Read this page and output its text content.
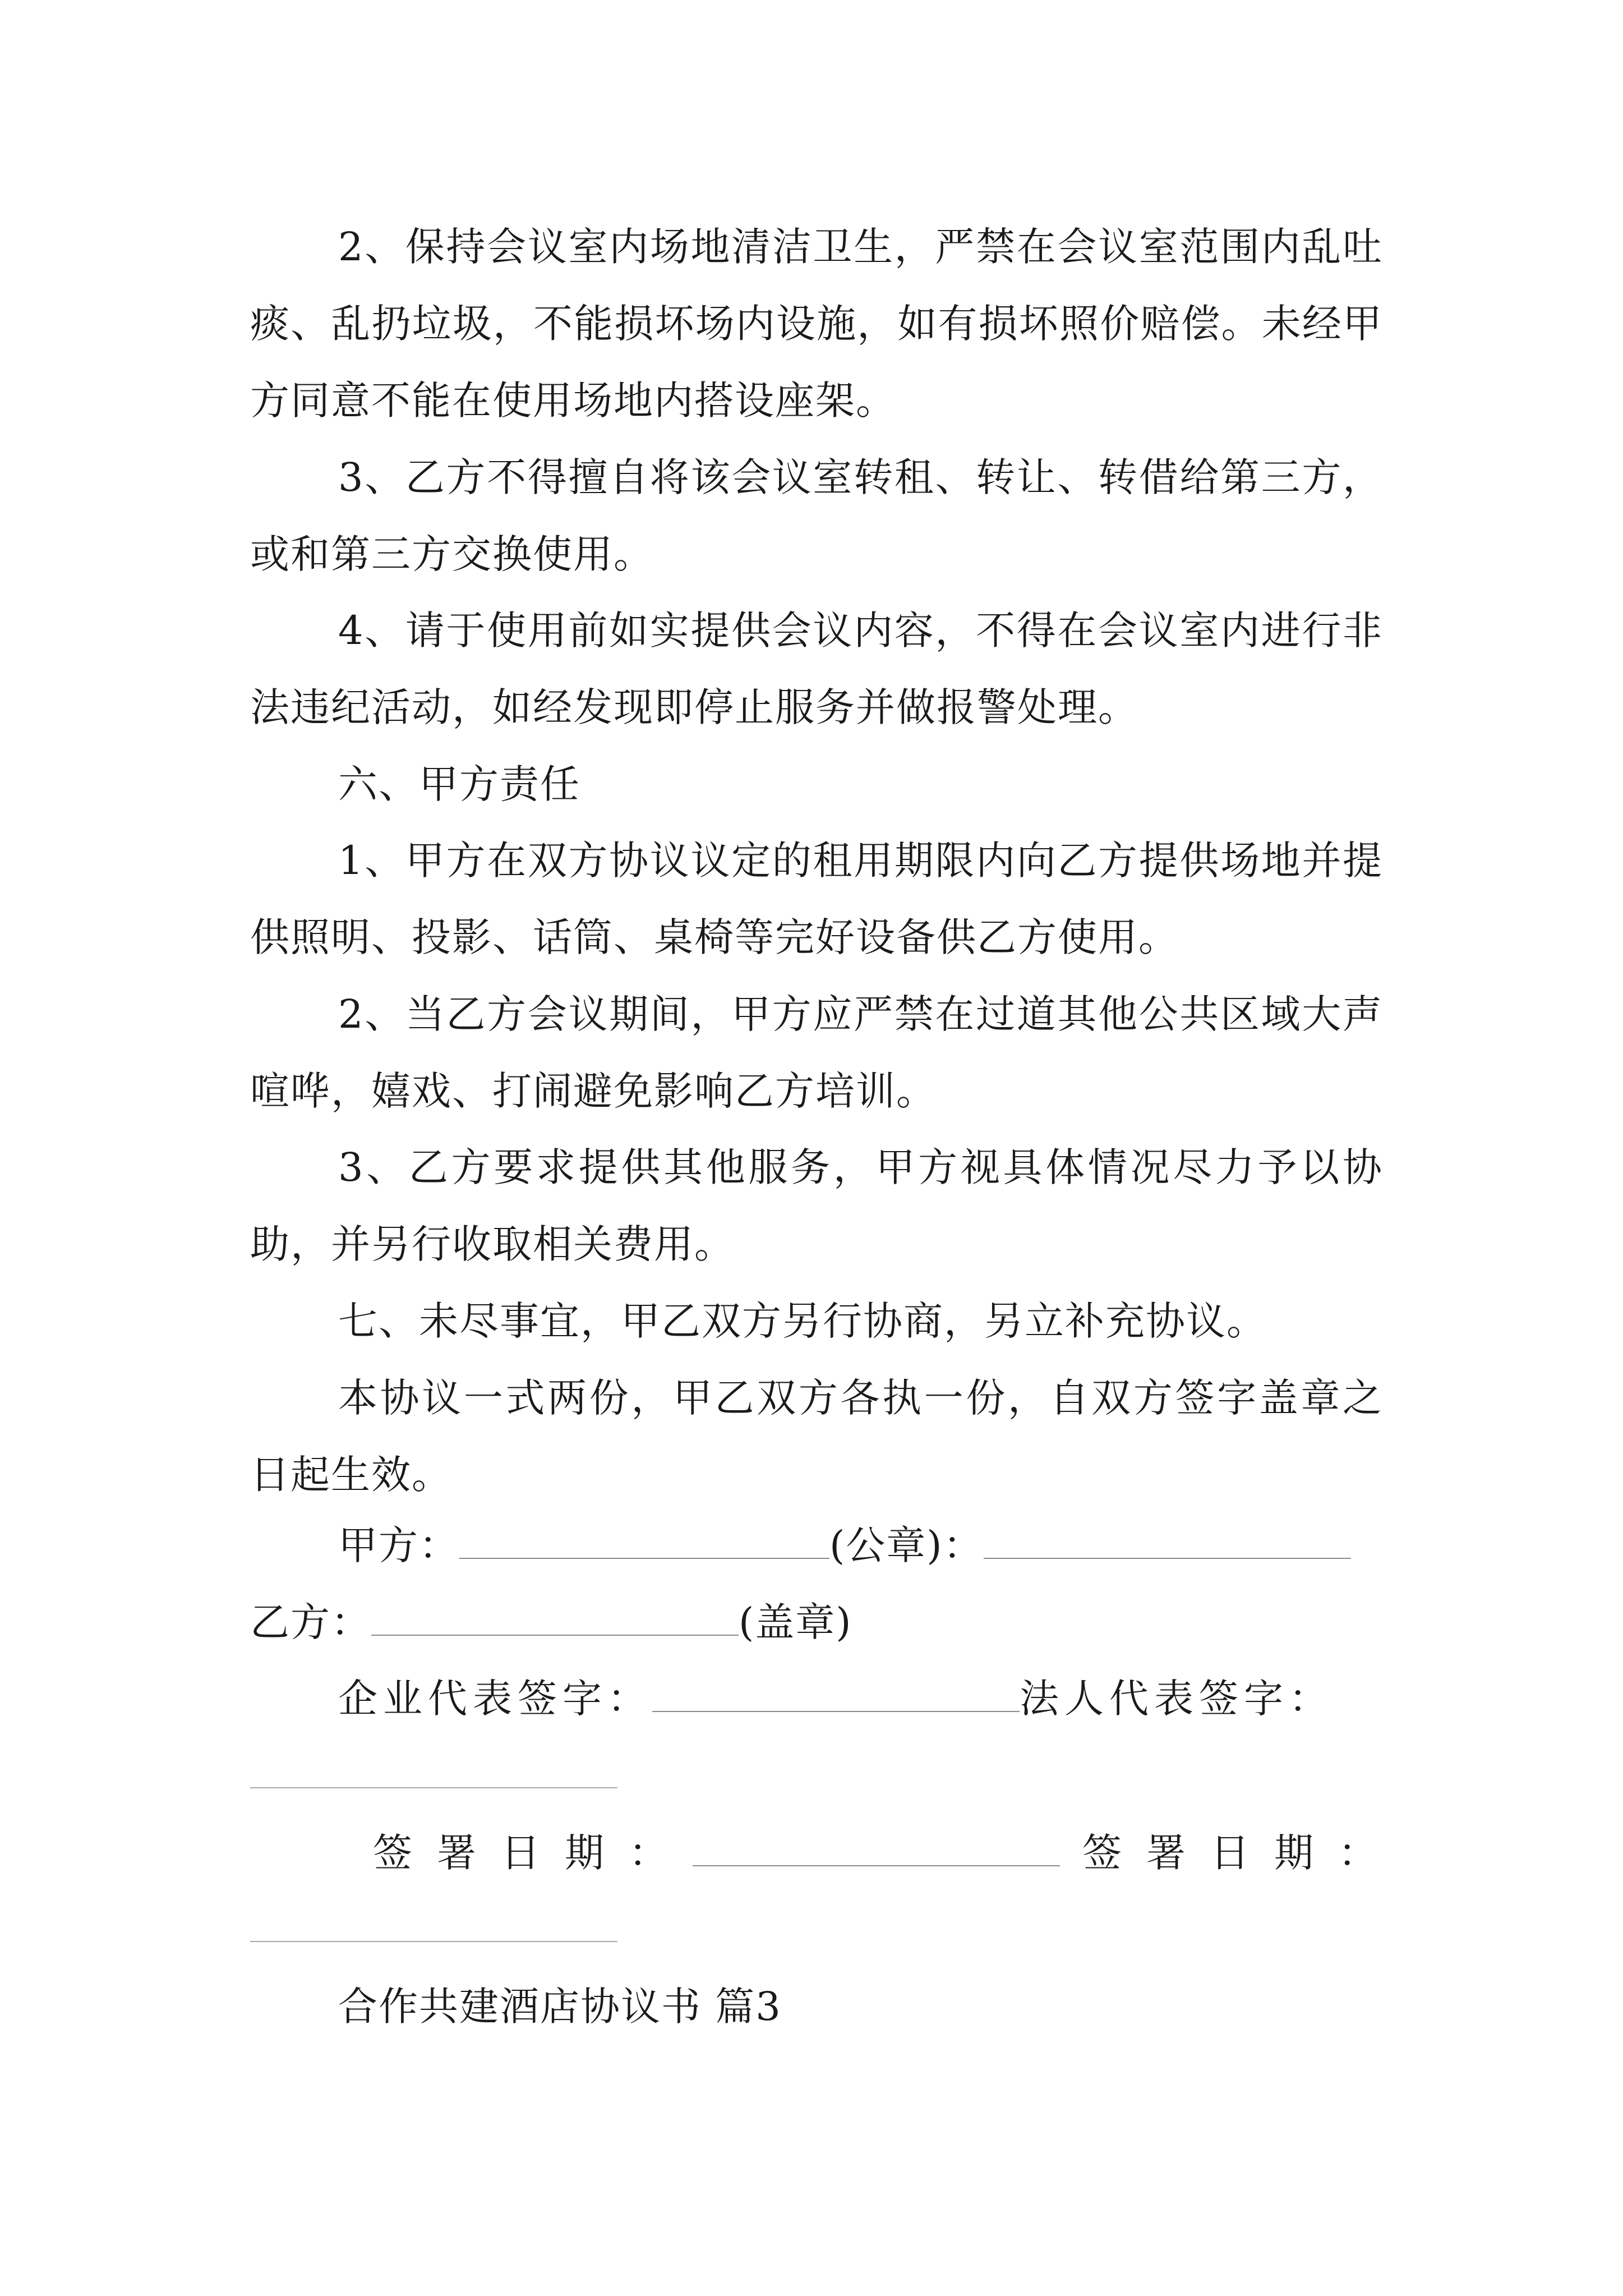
2、保持会议室内场地清洁卫生，严禁在会议室范围内乱吐痰、乱扔垃圾，不能损坏场内设施，如有损坏照价赔偿。未经甲方同意不能在使用场地内搭设座架。

3、乙方不得擅自将该会议室转租、转让、转借给第三方，或和第三方交换使用。

4、请于使用前如实提供会议内容，不得在会议室内进行非法违纪活动，如经发现即停止服务并做报警处理。

六、甲方责任

1、甲方在双方协议议定的租用期限内向乙方提供场地并提供照明、投影、话筒、桌椅等完好设备供乙方使用。

2、当乙方会议期间，甲方应严禁在过道其他公共区域大声喧哗，嬉戏、打闹避免影响乙方培训。

3、乙方要求提供其他服务，甲方视具体情况尽力予以协助，并另行收取相关费用。

七、未尽事宜，甲乙双方另行协商，另立补充协议。

本协议一式两份，甲乙双方各执一份，自双方签字盖章之日起生效。

甲方：	(公章)：
乙方：	(盖章)
企业代表签字：	法人代表签字：
签署日期：	签署日期：
合作共建酒店协议书 篇3
